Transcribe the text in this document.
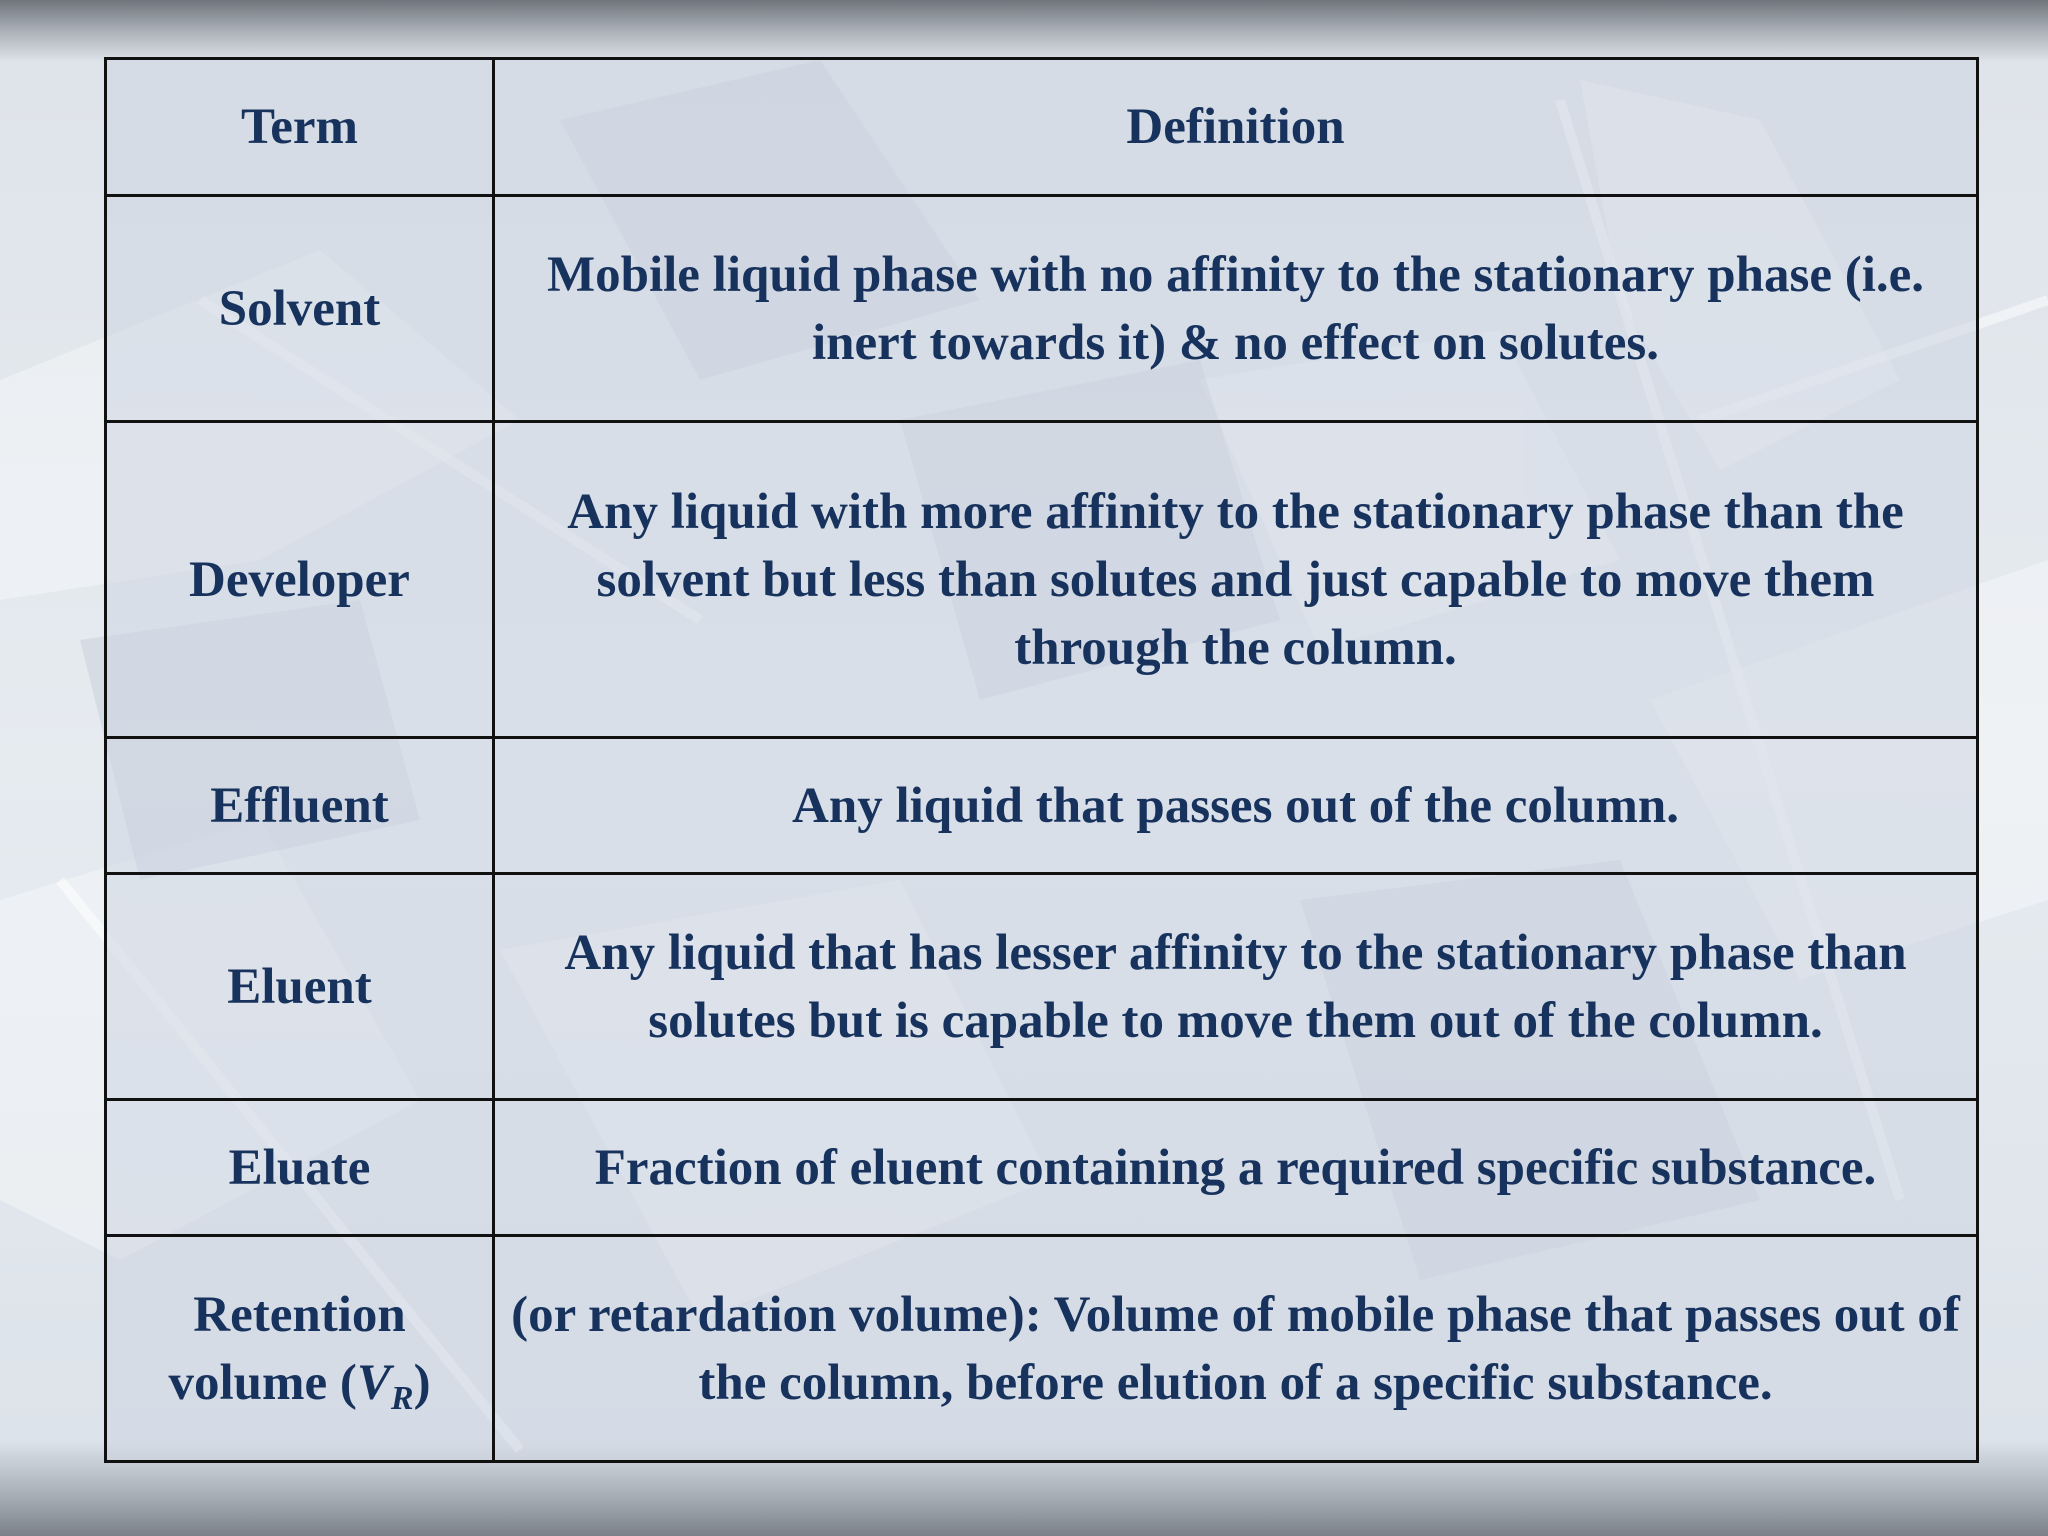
Term	Definition
Solvent	Mobile liquid phase with no affinity to the stationary phase (i.e. inert towards it) & no effect on solutes.
Developer	Any liquid with more affinity to the stationary phase than the solvent but less than solutes and just capable to move them through the column.
Effluent	Any liquid that passes out of the column.
Eluent	Any liquid that has lesser affinity to the stationary phase than solutes but is capable to move them out of the column.
Eluate	Fraction of eluent containing a required specific substance.
Retention volume $(V_R)$	(or retardation volume): Volume of mobile phase that passes out of the column, before elution of a specific substance.
